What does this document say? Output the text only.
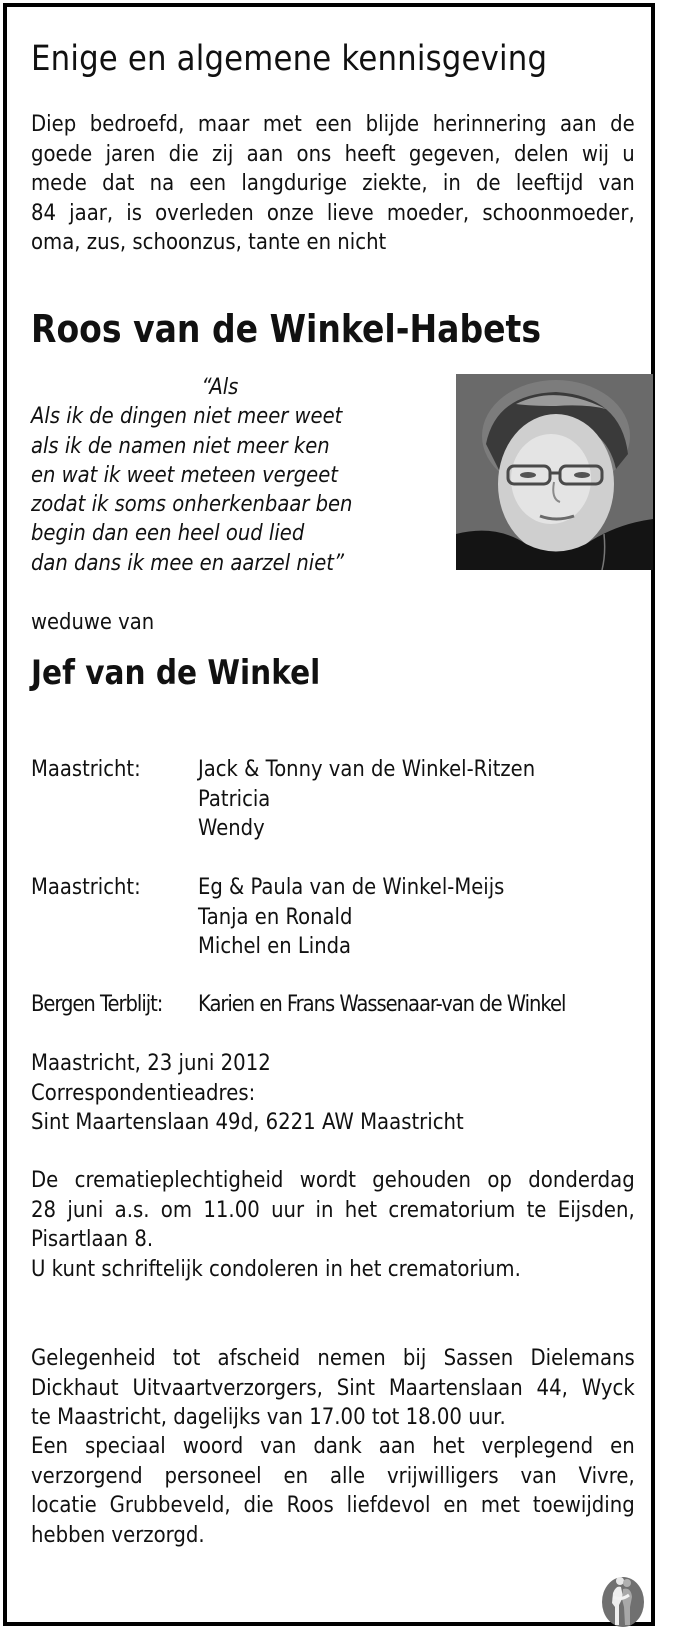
Enige en algemene kennisgeving
Diep bedroefd, maar met een blijde herinnering aan de
goede jaren die zij aan ons heeft gegeven, delen wij u
mede dat na een langdurige ziekte, in de leeftijd van
84 jaar, is overleden onze lieve moeder, schoonmoeder,
oma, zus, schoonzus, tante en nicht
Roos van de Winkel-Habets
“Als
Als ik de dingen niet meer weet
als ik de namen niet meer ken
en wat ik weet meteen vergeet
zodat ik soms onherkenbaar ben
begin dan een heel oud lied
dan dans ik mee en aarzel niet”
weduwe van
Jef van de Winkel
Maastricht:	Jack & Tonny van de Winkel-Ritzen
Patricia
Wendy
Maastricht:	Eg & Paula van de Winkel-Meijs
Tanja en Ronald
Michel en Linda
Bergen Terblijt: Karien en Frans Wassenaar-van de Winkel
Maastricht, 23 juni 2012
Correspondentieadres:
Sint Maartenslaan 49d, 6221 AW Maastricht
De crematieplechtigheid wordt gehouden op donderdag
28 juni a.s. om 11.00 uur in het crematorium te Eijsden,
Pisartlaan 8.
U kunt schriftelijk condoleren in het crematorium.
Gelegenheid tot afscheid nemen bij Sassen Dielemans
Dickhaut Uitvaartverzorgers, Sint Maartenslaan 44, Wyck
te Maastricht, dagelijks van 17.00 tot 18.00 uur.
Een speciaal woord van dank aan het verplegend en
verzorgend personeel en alle vrijwilligers van Vivre,
locatie Grubbeveld, die Roos liefdevol en met toewijding
hebben verzorgd.
